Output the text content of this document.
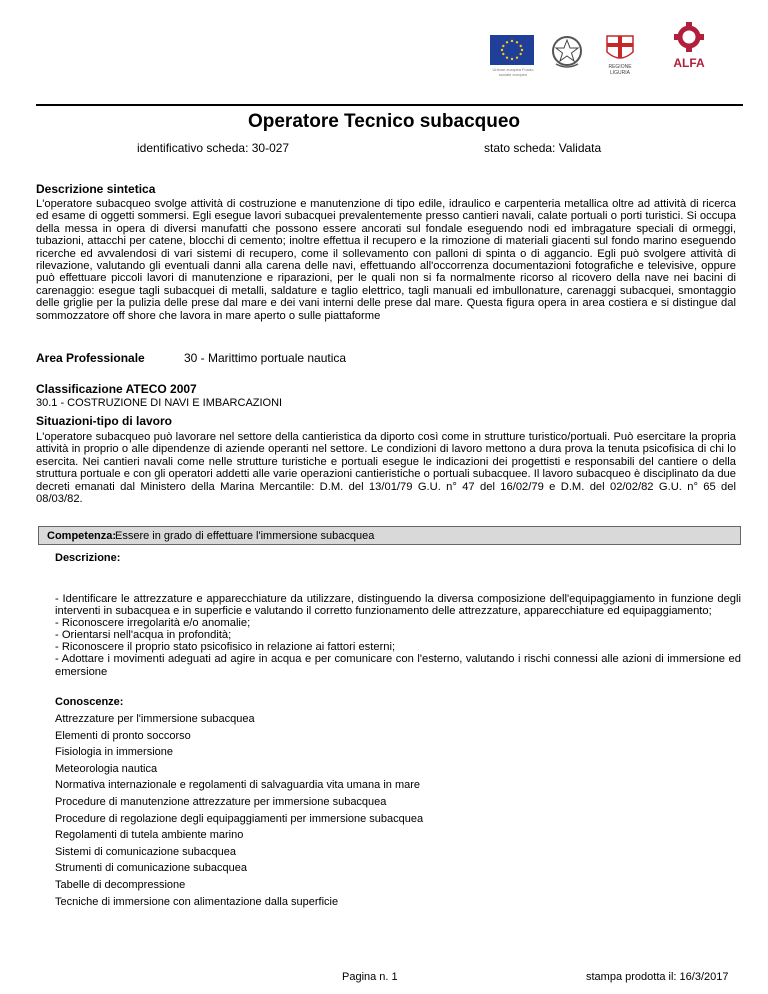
Unione europea Fondo sociale europeo
REGIONE LIGURIA
ALFA
Operatore Tecnico subacqueo
identificativo scheda: 30-027	stato scheda: Validata
Descrizione sintetica
L'operatore subacqueo svolge attività di costruzione e manutenzione di tipo edile, idraulico e carpenteria metallica oltre ad attività di ricerca ed esame di oggetti sommersi. Egli esegue lavori subacquei prevalentemente presso cantieri navali, calate portuali o porti turistici. Si occupa della messa in opera di diversi manufatti che possono essere ancorati sul fondale eseguendo nodi ed imbragature speciali di ormeggi, tubazioni, attacchi per catene, blocchi di cemento; inoltre effettua il recupero e la rimozione di materiali giacenti sul fondo marino eseguendo ricerche ed avvalendosi di vari sistemi di recupero, come il sollevamento con palloni di spinta o di aggancio. Egli può svolgere attività di rilevazione, valutando gli eventuali danni alla carena delle navi, effettuando all'occorrenza documentazioni fotografiche e televisive, oppure può effettuare piccoli lavori di manutenzione e riparazioni, per le quali non si fa normalmente ricorso al ricovero della nave nei bacini di carenaggio: esegue tagli subacquei di metalli, saldature e taglio elettrico, tagli manuali ed imbullonature, carenaggi subacquei, smontaggio delle griglie per la pulizia delle prese dal mare e dei vani interni delle prese dal mare. Questa figura opera in area costiera e si distingue dal sommozzatore off shore che lavora in mare aperto o sulle piattaforme
Area Professionale	30 - Marittimo portuale nautica
Classificazione ATECO 2007
30.1 - COSTRUZIONE DI NAVI E IMBARCAZIONI
Situazioni-tipo di lavoro
L'operatore subacqueo può lavorare nel settore della cantieristica da diporto così come in strutture turistico/portuali. Può esercitare la propria attività in proprio o alle dipendenze di aziende operanti nel settore. Le condizioni di lavoro mettono a dura prova la tenuta psicofisica di chi lo esercita. Nei cantieri navali come nelle strutture turistiche e portuali esegue le indicazioni dei progettisti e responsabili del cantiere o della struttura portuale e con gli operatori addetti alle varie operazioni cantieristiche o portuali subacquee. Il lavoro subacqueo è disciplinato da due decreti emanati dal Ministero della Marina Mercantile: D.M. del 13/01/79 G.U. n° 47 del 16/02/79 e D.M. del 02/02/82 G.U. n° 65 del 08/03/82.
Competenza:
Essere in grado di effettuare l'immersione subacquea
Descrizione:
- Identificare le attrezzature e apparecchiature da utilizzare, distinguendo la diversa composizione dell'equipaggiamento in funzione degli interventi in subacquea e in superficie e valutando il corretto funzionamento delle attrezzature, apparecchiature ed equipaggiamento;
- Riconoscere irregolarità e/o anomalie;
- Orientarsi nell'acqua in profondità;
- Riconoscere il proprio stato psicofisico in relazione ai fattori esterni;
- Adottare i movimenti adeguati ad agire in acqua e per comunicare con l'esterno, valutando i rischi connessi alle azioni di immersione ed emersione
Conoscenze:
Attrezzature per l'immersione subacquea
Elementi di pronto soccorso
Fisiologia in immersione
Meteorologia nautica
Normativa internazionale e regolamenti di salvaguardia vita umana in mare
Procedure di manutenzione attrezzature per immersione subacquea
Procedure di regolazione degli equipaggiamenti per immersione subacquea
Regolamenti di tutela ambiente marino
Sistemi di comunicazione subacquea
Strumenti di comunicazione subacquea
Tabelle di decompressione
Tecniche di immersione con alimentazione dalla superficie
Pagina n. 1	stampa prodotta il: 16/3/2017
